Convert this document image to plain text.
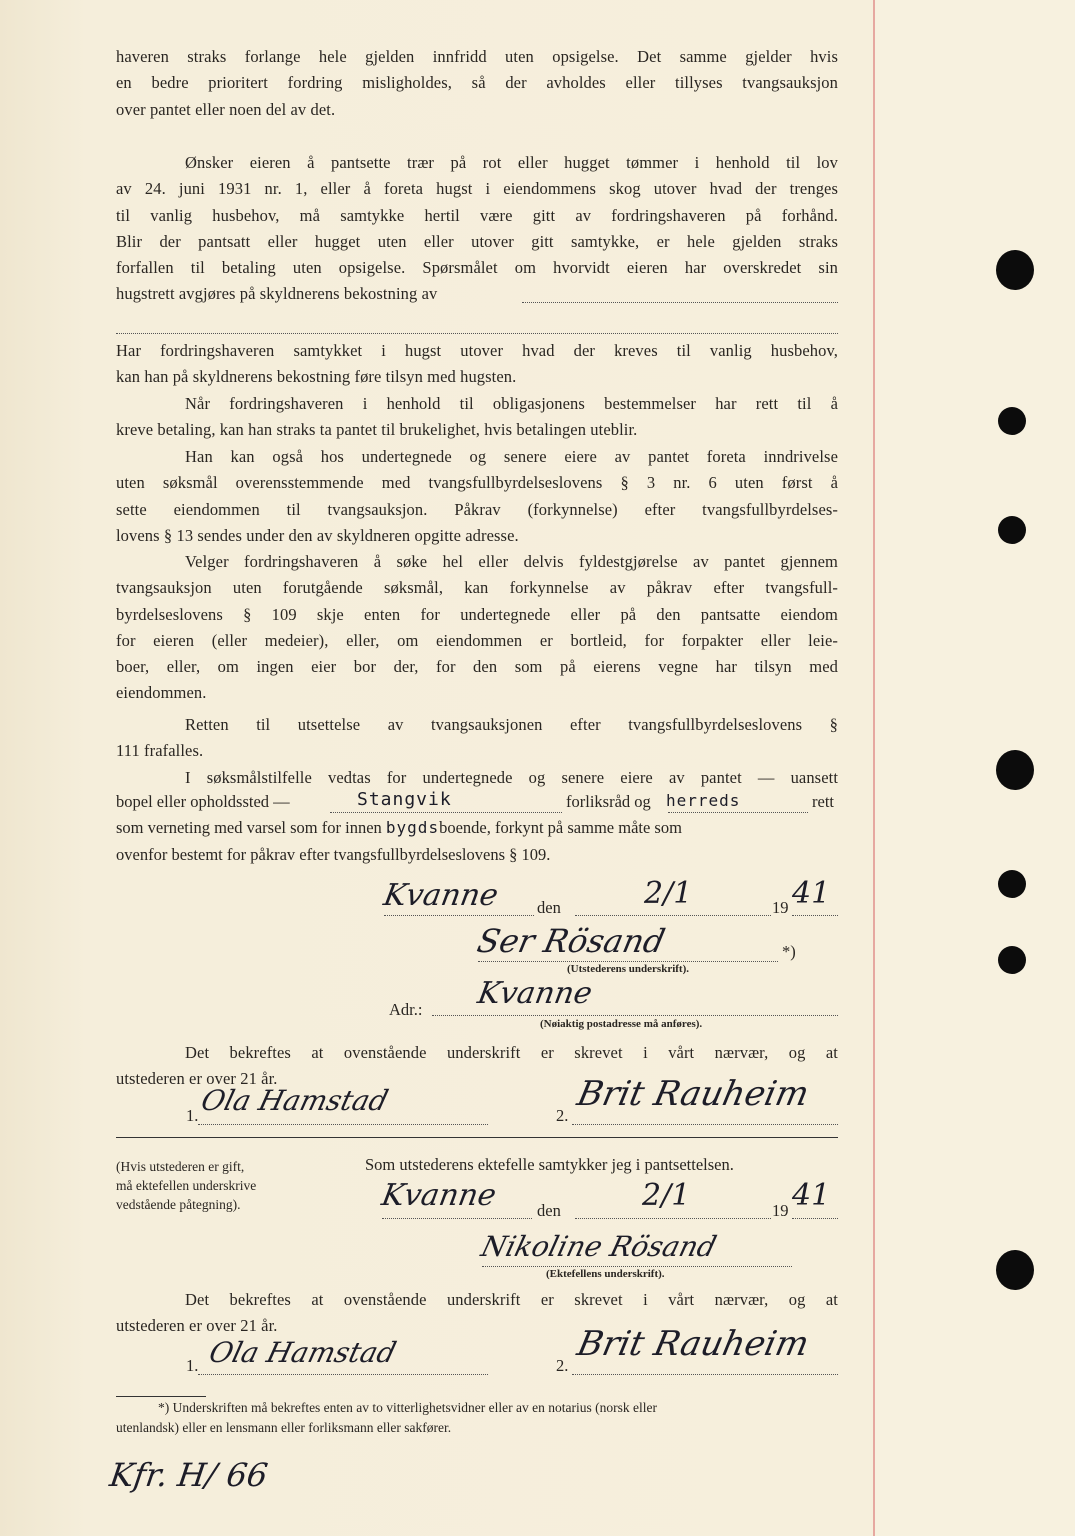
haveren straks forlange hele gjelden innfridd uten opsigelse. Det samme gjelder hvis

en bedre prioritert fordring misligholdes, så der avholdes eller tillyses tvangsauksjon

over pantet eller noen del av det.

Ønsker eieren å pantsette trær på rot eller hugget tømmer i henhold til lov

av 24. juni 1931 nr. 1, eller å foreta hugst i eiendommens skog utover hvad der trenges

til vanlig husbehov, må samtykke hertil være gitt av fordringshaveren på forhånd.

Blir der pantsatt eller hugget uten eller utover gitt samtykke, er hele gjelden straks

forfallen til betaling uten opsigelse. Spørsmålet om hvorvidt eieren har overskredet sin

hugstrett avgjøres på skyldnerens bekostning av

Har fordringshaveren samtykket i hugst utover hvad der kreves til vanlig husbehov,

kan han på skyldnerens bekostning føre tilsyn med hugsten.

Når fordringshaveren i henhold til obligasjonens bestemmelser har rett til å

kreve betaling, kan han straks ta pantet til brukelighet, hvis betalingen uteblir.

Han kan også hos undertegnede og senere eiere av pantet foreta inndrivelse

uten søksmål overensstemmende med tvangsfullbyrdelseslovens § 3 nr. 6 uten først å

sette eiendommen til tvangsauksjon. Påkrav (forkynnelse) efter tvangsfullbyrdelses-

lovens § 13 sendes under den av skyldneren opgitte adresse.

Velger fordringshaveren å søke hel eller delvis fyldestgjørelse av pantet gjennem

tvangsauksjon uten forutgående søksmål, kan forkynnelse av påkrav efter tvangsfull-

byrdelseslovens § 109 skje enten for undertegnede eller på den pantsatte eiendom

for eieren (eller medeier), eller, om eiendommen er bortleid, for forpakter eller leie-

boer, eller, om ingen eier bor der, for den som på eierens vegne har tilsyn med

eiendommen.

Retten til utsettelse av tvangsauksjonen efter tvangsfullbyrdelseslovens §

111 frafalles.

I søksmålstilfelle vedtas for undertegnede og senere eiere av pantet — uansett

bopel eller opholdssted —	Stangvik	forliksråd og herreds	rett
som verneting med varsel som for innen bygdsboende, forkynt på samme måte som
ovenfor bestemt for påkrav efter tvangsfullbyrdelseslovens § 109.
Kvanne den	2/1	19 41
Ser Rösand	*)
(Utstederens underskrift).
Adr.: Kvanne
(Nøiaktig postadresse må anføres).

Det bekreftes at ovenstående underskrift er skrevet i vårt nærvær, og at

utstederen er over 21 år.

1. Ola Hamstad	2.
Brit Rauheim
(Hvis utstederen er gift,
må ektefellen underskrive
vedstående påtegning).
Som utstederens ektefelle samtykker jeg i pantsettelsen.
Kvanne den	2/1	19 41
Nikoline Rösand
(Ektefellens underskrift).

Det bekreftes at ovenstående underskrift er skrevet i vårt nærvær, og at

utstederen er over 21 år.

1. Ola Hamstad	2.
Brit Rauheim
*) Underskriften må bekreftes enten av to vitterlighetsvidner eller av en notarius (norsk eller
utenlandsk) eller en lensmann eller forliksmann eller sakfører.
Kfr. H/ 66
